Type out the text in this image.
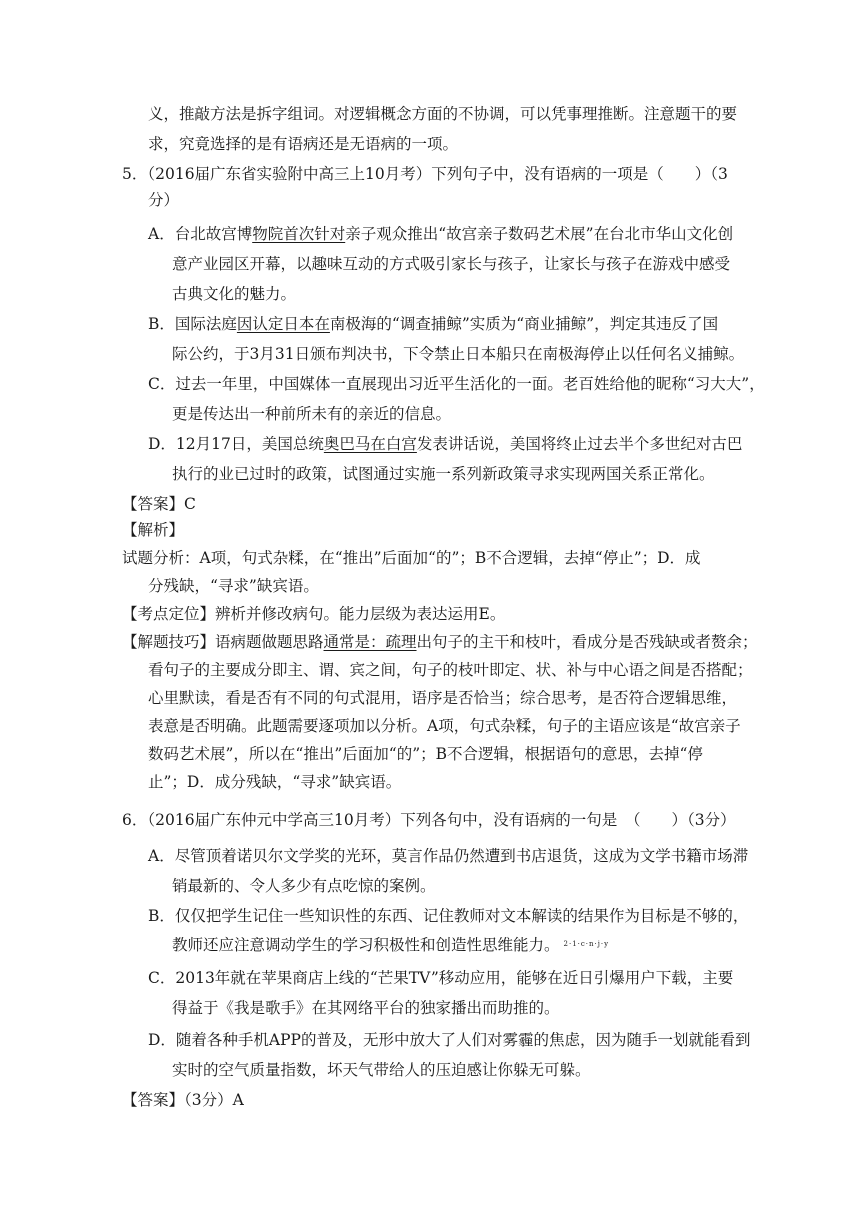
义，推敲方法是拆字组词。对逻辑概念方面的不协调，可以凭事理推断。注意题干的要
求，究竟选择的是有语病还是无语病的一项。
5．（2016届广东省实验附中高三上10月考）下列句子中，没有语病的一项是（　　）（3
分）
A．台北故宫博物院首次针对亲子观众推出“故宫亲子数码艺术展”在台北市华山文化创
意产业园区开幕，以趣味互动的方式吸引家长与孩子，让家长与孩子在游戏中感受
古典文化的魅力。
B．国际法庭因认定日本在南极海的“调查捕鲸”实质为“商业捕鲸”，判定其违反了国
际公约，于3月31日颁布判决书，下令禁止日本船只在南极海停止以任何名义捕鲸。
C．过去一年里，中国媒体一直展现出习近平生活化的一面。老百姓给他的昵称“习大大”，
更是传达出一种前所未有的亲近的信息。
D．12月17日，美国总统奥巴马在白宫发表讲话说，美国将终止过去半个多世纪对古巴
执行的业已过时的政策，试图通过实施一系列新政策寻求实现两国关系正常化。
【答案】C
【解析】
试题分析：A项，句式杂糅，在“推出”后面加“的”；B不合逻辑，去掉“停止”；D．成
分残缺，“寻求”缺宾语。
【考点定位】辨析并修改病句。能力层级为表达运用E。
【解题技巧】语病题做题思路通常是：疏理出句子的主干和枝叶，看成分是否残缺或者赘余；
看句子的主要成分即主、谓、宾之间，句子的枝叶即定、状、补与中心语之间是否搭配；
心里默读，看是否有不同的句式混用，语序是否恰当；综合思考，是否符合逻辑思维，
表意是否明确。此题需要逐项加以分析。A项，句式杂糅，句子的主语应该是“故宫亲子
数码艺术展”，所以在“推出”后面加“的”；B不合逻辑，根据语句的意思，去掉“停
止”；D．成分残缺，“寻求”缺宾语。
6．（2016届广东仲元中学高三10月考）下列各句中，没有语病的一句是　（　　）（3分）
A．尽管顶着诺贝尔文学奖的光环，莫言作品仍然遭到书店退货，这成为文学书籍市场滞
销最新的、令人多少有点吃惊的案例。
B．仅仅把学生记住一些知识性的东西、记住教师对文本解读的结果作为目标是不够的，
教师还应注意调动学生的学习积极性和创造性思维能力。 $^{2\cdot 1\cdot c\cdot n\cdot j\cdot y}$
C．2013年就在苹果商店上线的“芒果TV”移动应用，能够在近日引爆用户下载，主要
得益于《我是歌手》在其网络平台的独家播出而助推的。
D．随着各种手机APP的普及，无形中放大了人们对雾霾的焦虑，因为随手一划就能看到
实时的空气质量指数，坏天气带给人的压迫感让你躲无可躲。
【答案】（3分）A
